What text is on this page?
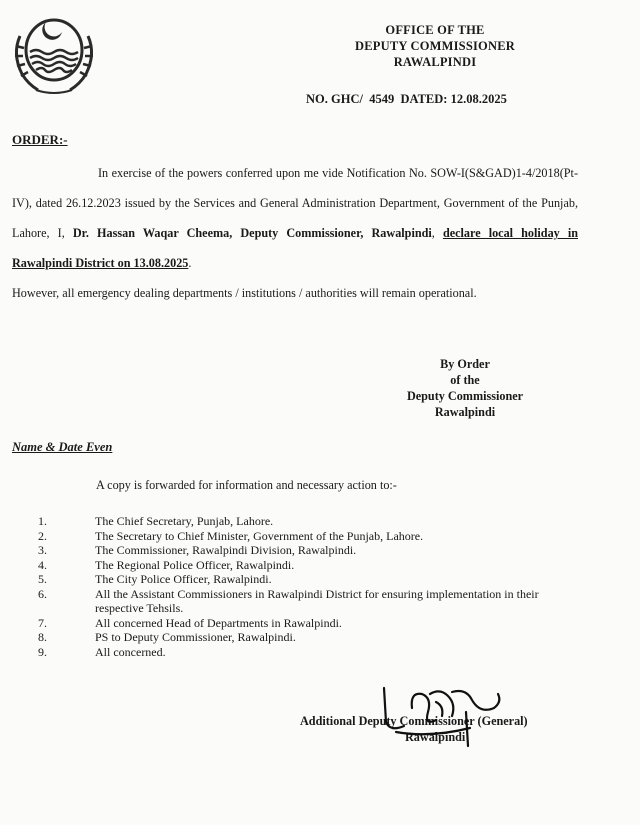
OFFICE OF THE
DEPUTY COMMISSIONER
RAWALPINDI
NO. GHC/ 4549 DATED: 12.08.2025
ORDER:-

In exercise of the powers conferred upon me vide Notification No. SOW-I(S&GAD)1-4/2018(Pt-IV), dated 26.12.2023 issued by the Services and General Administration Department, Government of the Punjab, Lahore, I, Dr. Hassan Waqar Cheema, Deputy Commissioner, Rawalpindi, declare local holiday in Rawalpindi District on 13.08.2025.

However, all emergency dealing departments / institutions / authorities will remain operational.

By Order
of the
Deputy Commissioner
Rawalpindi
Name & Date Even
A copy is forwarded for information and necessary action to:-
1.	The Chief Secretary, Punjab, Lahore.
2.	The Secretary to Chief Minister, Government of the Punjab, Lahore.
3.	The Commissioner, Rawalpindi Division, Rawalpindi.
4.	The Regional Police Officer, Rawalpindi.
5.	The City Police Officer, Rawalpindi.
6.	All the Assistant Commissioners in Rawalpindi District for ensuring implementation in their respective Tehsils.
7.	All concerned Head of Departments in Rawalpindi.
8.	PS to Deputy Commissioner, Rawalpindi.
9.	All concerned.
Additional Deputy Commissioner (General)
Rawalpindi
